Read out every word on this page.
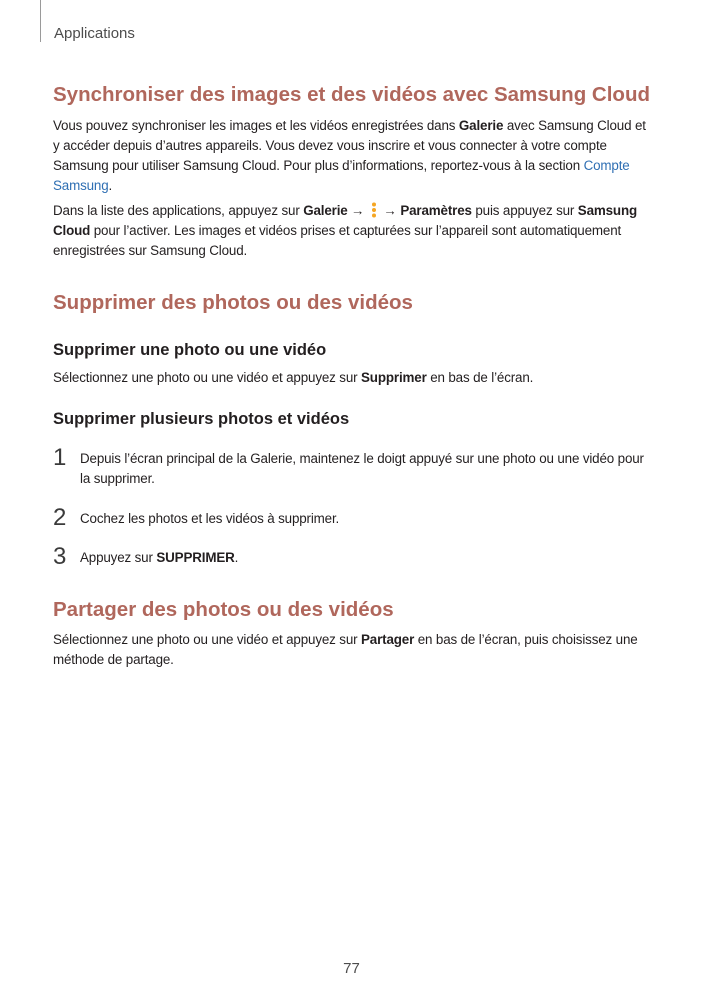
Applications
Synchroniser des images et des vidéos avec Samsung Cloud

Vous pouvez synchroniser les images et les vidéos enregistrées dans Galerie avec Samsung Cloud et y accéder depuis d’autres appareils. Vous devez vous inscrire et vous connecter à votre compte Samsung pour utiliser Samsung Cloud. Pour plus d’informations, reportez-vous à la section Compte Samsung.

Dans la liste des applications, appuyez sur Galerie →  → Paramètres puis appuyez sur Samsung Cloud pour l’activer. Les images et vidéos prises et capturées sur l’appareil sont automatiquement enregistrées sur Samsung Cloud.

Supprimer des photos ou des vidéos
Supprimer une photo ou une vidéo

Sélectionnez une photo ou une vidéo et appuyez sur Supprimer en bas de l’écran.

Supprimer plusieurs photos et vidéos
1 Depuis l’écran principal de la Galerie, maintenez le doigt appuyé sur une photo ou une vidéo pour la supprimer.

2 Cochez les photos et les vidéos à supprimer.

3 Appuyez sur SUPPRIMER.

Partager des photos ou des vidéos

Sélectionnez une photo ou une vidéo et appuyez sur Partager en bas de l’écran, puis choisissez une méthode de partage.

77
